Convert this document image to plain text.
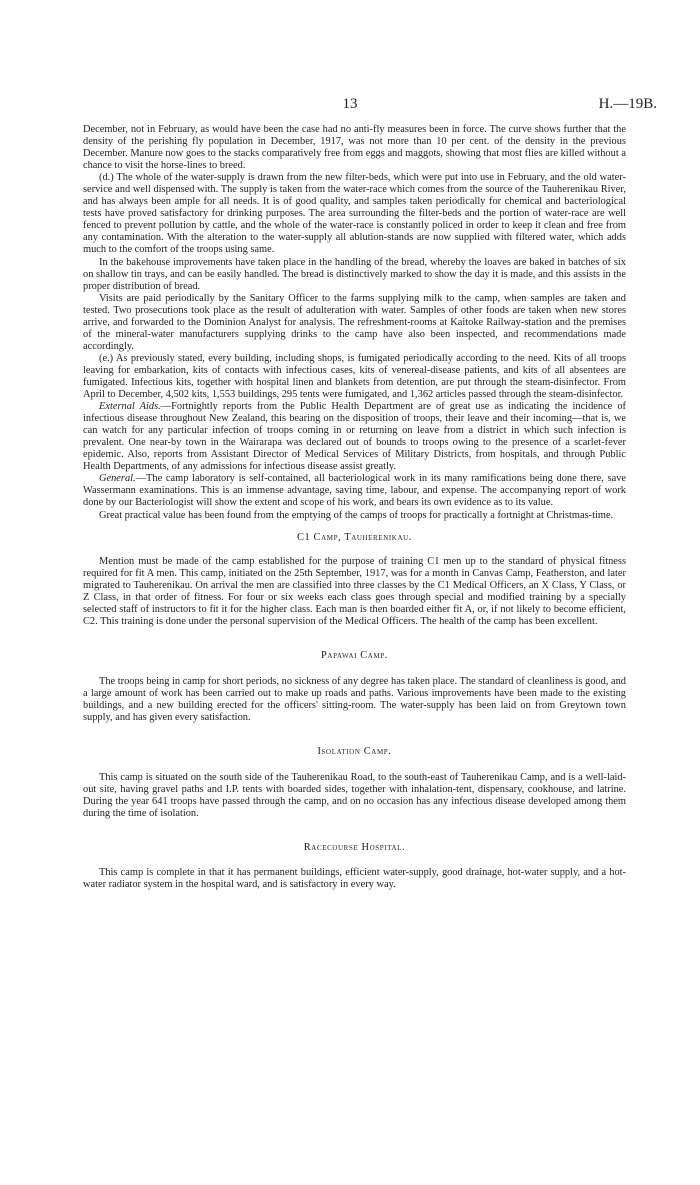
13	H.—19B.

December, not in February, as would have been the case had no anti-fly measures been in force. The curve shows further that the density of the perishing fly population in December, 1917, was not more than 10 per cent. of the density in the previous December. Manure now goes to the stacks comparatively free from eggs and maggots, showing that most flies are killed without a chance to visit the horse-lines to breed.

(d.) The whole of the water-supply is drawn from the new filter-beds, which were put into use in February, and the old water-service and well dispensed with. The supply is taken from the water-race which comes from the source of the Tauherenikau River, and has always been ample for all needs. It is of good quality, and samples taken periodically for chemical and bacteriological tests have proved satisfactory for drinking purposes. The area surrounding the filter-beds and the portion of water-race are well fenced to prevent pollution by cattle, and the whole of the water-race is constantly policed in order to keep it clean and free from any contamination. With the alteration to the water-supply all ablution-stands are now supplied with filtered water, which adds much to the comfort of the troops using same.

In the bakehouse improvements have taken place in the handling of the bread, whereby the loaves are baked in batches of six on shallow tin trays, and can be easily handled. The bread is distinctively marked to show the day it is made, and this assists in the proper distribution of bread.

Visits are paid periodically by the Sanitary Officer to the farms supplying milk to the camp, when samples are taken and tested. Two prosecutions took place as the result of adulteration with water. Samples of other foods are taken when new stores arrive, and forwarded to the Dominion Analyst for analysis. The refreshment-rooms at Kaitoke Railway-station and the premises of the mineral-water manufacturers supplying drinks to the camp have also been inspected, and recommendations made accordingly.

(e.) As previously stated, every building, including shops, is fumigated periodically according to the need. Kits of all troops leaving for embarkation, kits of contacts with infectious cases, kits of venereal-disease patients, and kits of all absentees are fumigated. Infectious kits, together with hospital linen and blankets from detention, are put through the steam-disinfector. From April to December, 4,502 kits, 1,553 buildings, 295 tents were fumigated, and 1,362 articles passed through the steam-disinfector.

External Aids.—Fortnightly reports from the Public Health Department are of great use as indicating the incidence of infectious disease throughout New Zealand, this bearing on the disposition of troops, their leave and their incoming—that is, we can watch for any particular infection of troops coming in or returning on leave from a district in which such infection is prevalent. One near-by town in the Wairarapa was declared out of bounds to troops owing to the presence of a scarlet-fever epidemic. Also, reports from Assistant Director of Medical Services of Military Districts, from hospitals, and through Public Health Departments, of any admissions for infectious disease assist greatly.

General.—The camp laboratory is self-contained, all bacteriological work in its many ramifications being done there, save Wassermann examinations. This is an immense advantage, saving time, labour, and expense. The accompanying report of work done by our Bacteriologist will show the extent and scope of his work, and bears its own evidence as to its value.

Great practical value has been found from the emptying of the camps of troops for practically a fortnight at Christmas-time.

C1 Camp, Tauherenikau.

Mention must be made of the camp established for the purpose of training C1 men up to the standard of physical fitness required for fit A men. This camp, initiated on the 25th September, 1917, was for a month in Canvas Camp, Featherston, and later migrated to Tauherenikau. On arrival the men are classified into three classes by the C1 Medical Officers, an X Class, Y Class, or Z Class, in that order of fitness. For four or six weeks each class goes through special and modified training by a specially selected staff of instructors to fit it for the higher class. Each man is then boarded either fit A, or, if not likely to become efficient, C2. This training is done under the personal supervision of the Medical Officers. The health of the camp has been excellent.

Papawai Camp.

The troops being in camp for short periods, no sickness of any degree has taken place. The standard of cleanliness is good, and a large amount of work has been carried out to make up roads and paths. Various improvements have been made to the existing buildings, and a new building erected for the officers' sitting-room. The water-supply has been laid on from Greytown town supply, and has given every satisfaction.

Isolation Camp.

This camp is situated on the south side of the Tauherenikau Road, to the south-east of Tauherenikau Camp, and is a well-laid-out site, having gravel paths and I.P. tents with boarded sides, together with inhalation-tent, dispensary, cookhouse, and latrine. During the year 641 troops have passed through the camp, and on no occasion has any infectious disease developed among them during the time of isolation.

Racecourse Hospital.

This camp is complete in that it has permanent buildings, efficient water-supply, good drainage, hot-water supply, and a hot-water radiator system in the hospital ward, and is satisfactory in every way.
